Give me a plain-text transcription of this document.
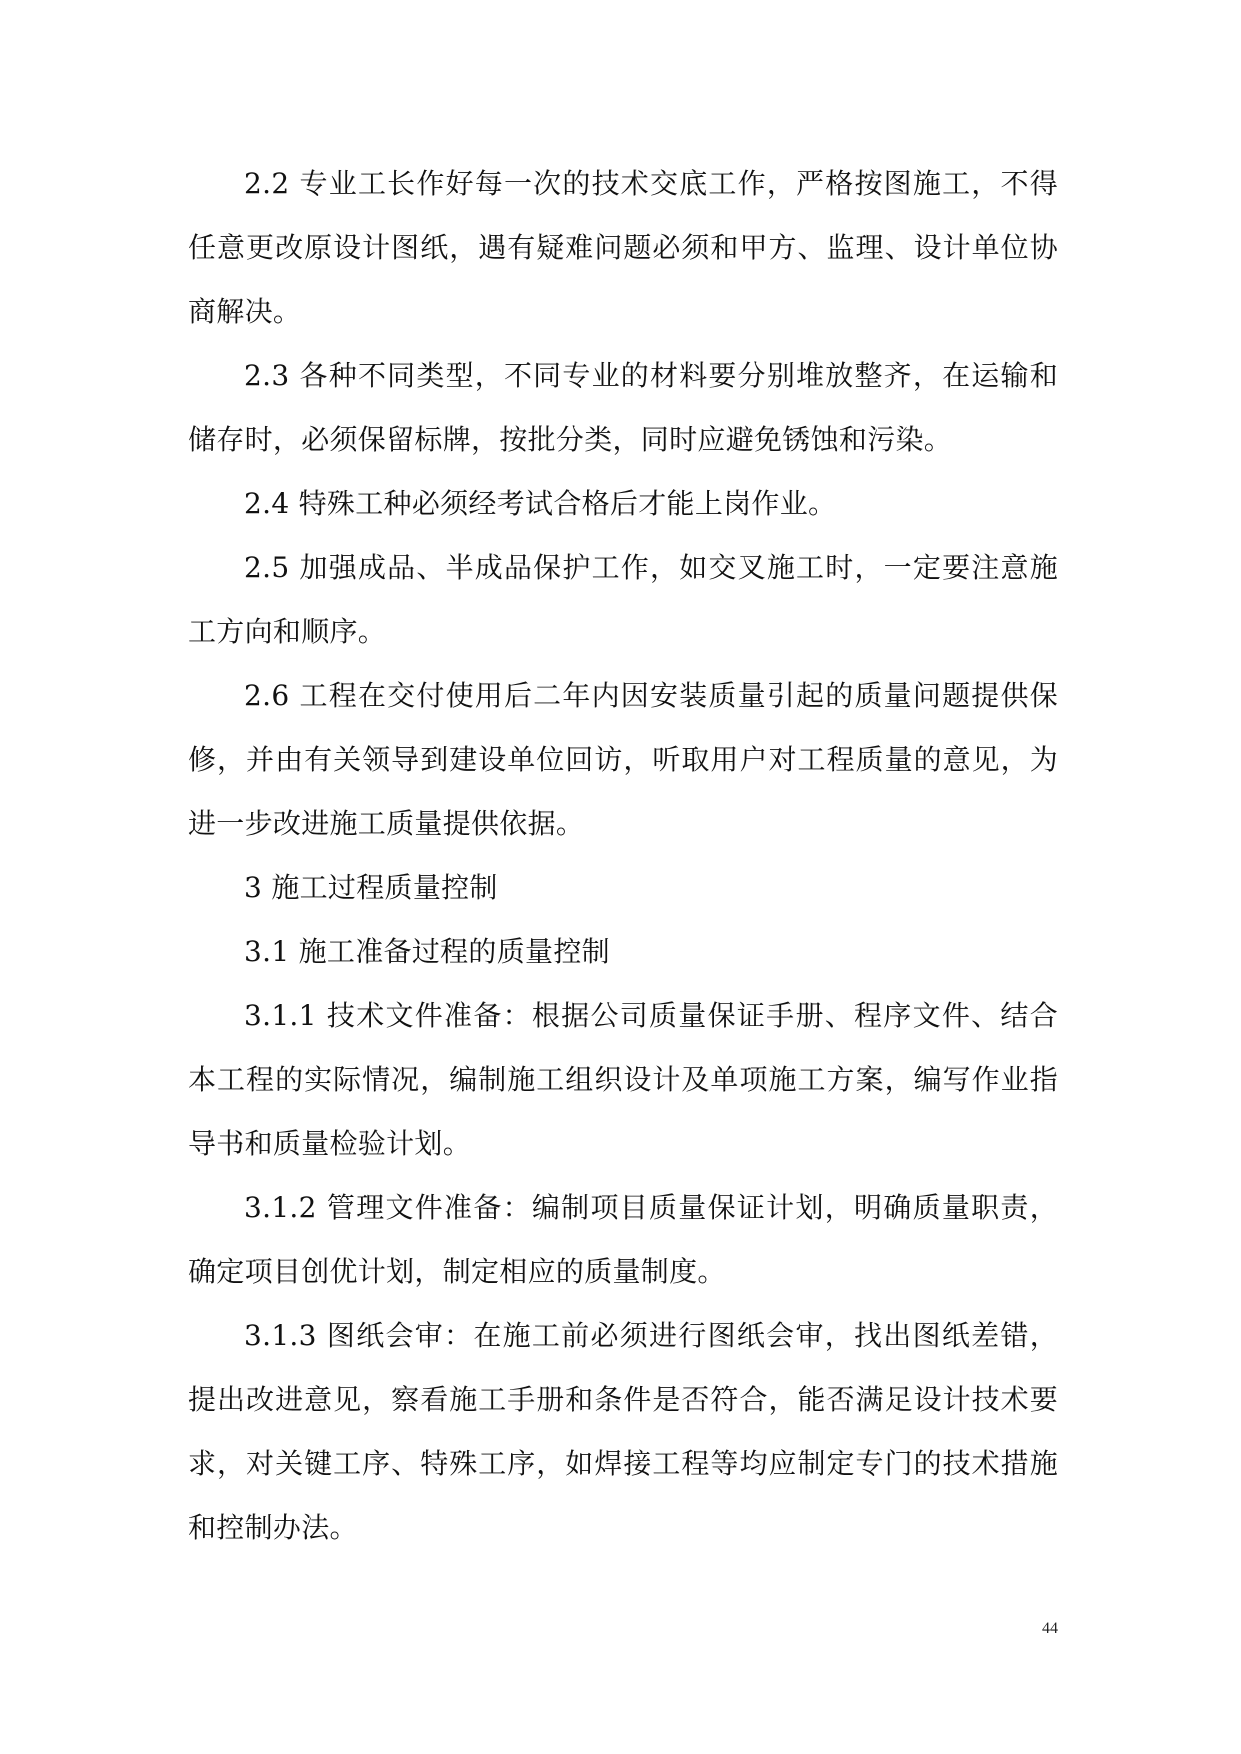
2.2 专业工长作好每一次的技术交底工作，严格按图施工，不得任意更改原设计图纸，遇有疑难问题必须和甲方、监理、设计单位协商解决。

2.3 各种不同类型，不同专业的材料要分别堆放整齐，在运输和储存时，必须保留标牌，按批分类，同时应避免锈蚀和污染。

2.4 特殊工种必须经考试合格后才能上岗作业。

2.5 加强成品、半成品保护工作，如交叉施工时，一定要注意施工方向和顺序。

2.6 工程在交付使用后二年内因安装质量引起的质量问题提供保修，并由有关领导到建设单位回访，听取用户对工程质量的意见，为进一步改进施工质量提供依据。

3 施工过程质量控制

3.1 施工准备过程的质量控制

3.1.1 技术文件准备：根据公司质量保证手册、程序文件、结合本工程的实际情况，编制施工组织设计及单项施工方案，编写作业指导书和质量检验计划。

3.1.2 管理文件准备：编制项目质量保证计划，明确质量职责，确定项目创优计划，制定相应的质量制度。

3.1.3 图纸会审：在施工前必须进行图纸会审，找出图纸差错，提出改进意见，察看施工手册和条件是否符合，能否满足设计技术要求，对关键工序、特殊工序，如焊接工程等均应制定专门的技术措施和控制办法。

44
